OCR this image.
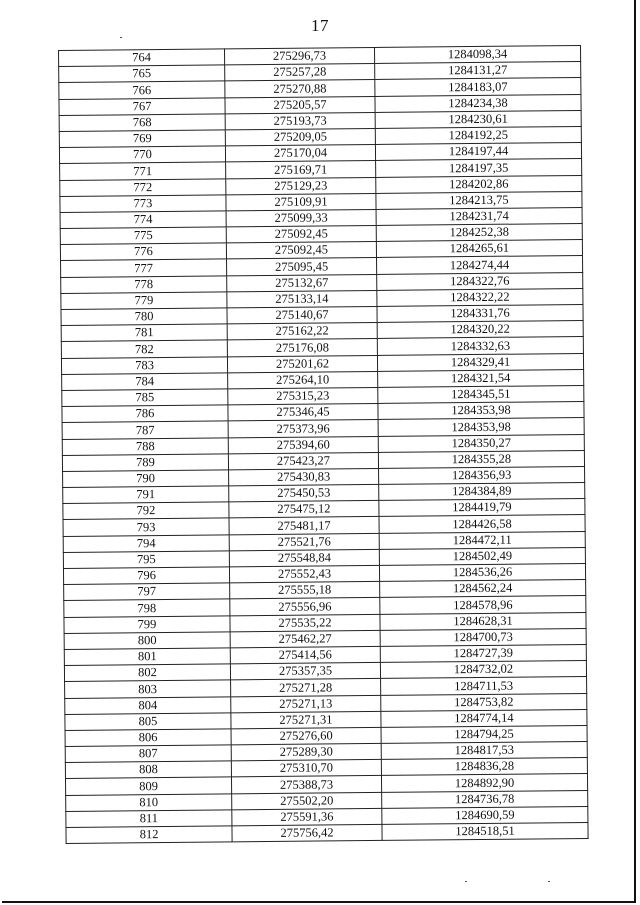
17
764	275296,73	1284098,34
765	275257,28	1284131,27
766	275270,88	1284183,07
767	275205,57	1284234,38
768	275193,73	1284230,61
769	275209,05	1284192,25
770	275170,04	1284197,44
771	275169,71	1284197,35
772	275129,23	1284202,86
773	275109,91	1284213,75
774	275099,33	1284231,74
775	275092,45	1284252,38
776	275092,45	1284265,61
777	275095,45	1284274,44
778	275132,67	1284322,76
779	275133,14	1284322,22
780	275140,67	1284331,76
781	275162,22	1284320,22
782	275176,08	1284332,63
783	275201,62	1284329,41
784	275264,10	1284321,54
785	275315,23	1284345,51
786	275346,45	1284353,98
787	275373,96	1284353,98
788	275394,60	1284350,27
789	275423,27	1284355,28
790	275430,83	1284356,93
791	275450,53	1284384,89
792	275475,12	1284419,79
793	275481,17	1284426,58
794	275521,76	1284472,11
795	275548,84	1284502,49
796	275552,43	1284536,26
797	275555,18	1284562,24
798	275556,96	1284578,96
799	275535,22	1284628,31
800	275462,27	1284700,73
801	275414,56	1284727,39
802	275357,35	1284732,02
803	275271,28	1284711,53
804	275271,13	1284753,82
805	275271,31	1284774,14
806	275276,60	1284794,25
807	275289,30	1284817,53
808	275310,70	1284836,28
809	275388,73	1284892,90
810	275502,20	1284736,78
811	275591,36	1284690,59
812	275756,42	1284518,51
